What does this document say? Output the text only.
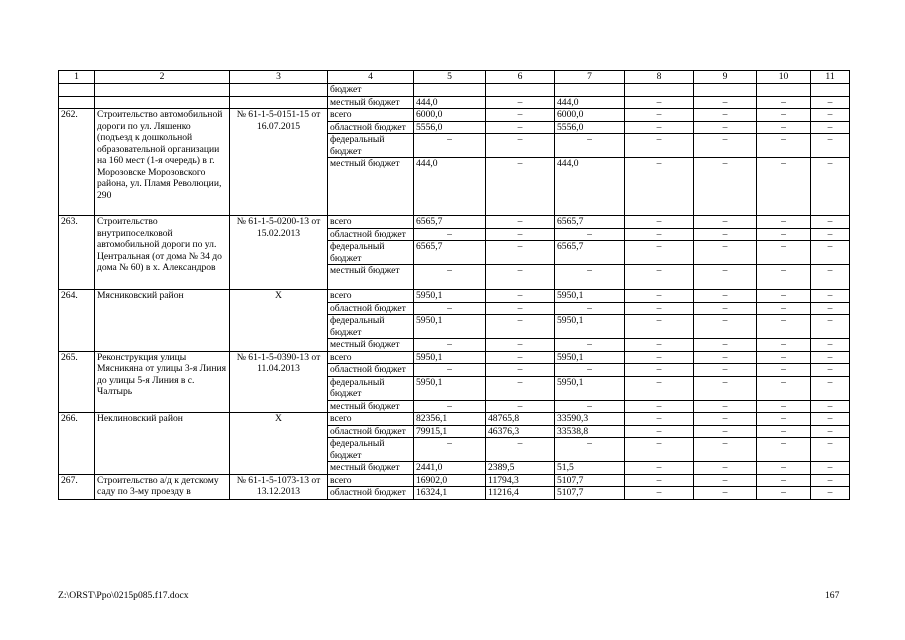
1	2	3	4	5	6	7	8	9	10	11
			бюджет							
			местный бюджет	444,0	–	444,0	–	–	–	–
262.	Строительство автомобильной дороги по ул. Ляшенко (подъезд к дошкольной образовательной организации на 160 мест (1-я очередь) в г. Морозовске Морозовского района, ул. Пламя Революции, 290	№ 61-1-5-0151-15 от 16.07.2015	всего	6000,0	–	6000,0	–	–	–	–
			областной бюджет	5556,0	–	5556,0	–	–	–	–
			федеральный бюджет	–	–	–	–	–	–	–
			местный бюджет	444,0	–	444,0	–	–	–	–
263.	Строительство внутрипоселковой автомобильной дороги по ул. Центральная (от дома № 34 до дома № 60) в х. Александров	№ 61-1-5-0200-13 от 15.02.2013	всего	6565,7	–	6565,7	–	–	–	–
			областной бюджет	–	–	–	–	–	–	–
			федеральный бюджет	6565,7	–	6565,7	–	–	–	–
			местный бюджет	–	–	–	–	–	–	–
264.	Мясниковский район	Х	всего	5950,1	–	5950,1	–	–	–	–
			областной бюджет	–	–	–	–	–	–	–
			федеральный бюджет	5950,1	–	5950,1	–	–	–	–
			местный бюджет	–	–	–	–	–	–	–
265.	Реконструкция улицы Мясникяна от улицы 3-я Линия до улицы 5-я Линия в с. Чалтырь	№ 61-1-5-0390-13 от 11.04.2013	всего	5950,1	–	5950,1	–	–	–	–
			областной бюджет	–	–	–	–	–	–	–
			федеральный бюджет	5950,1	–	5950,1	–	–	–	–
			местный бюджет	–	–	–	–	–	–	–
266.	Неклиновский район	Х	всего	82356,1	48765,8	33590,3	–	–	–	–
			областной бюджет	79915,1	46376,3	33538,8	–	–	–	–
			федеральный бюджет	–	–	–	–	–	–	–
			местный бюджет	2441,0	2389,5	51,5	–	–	–	–
267.	Строительство а/д к детскому саду по 3-му проезду в	№ 61-1-5-1073-13 от 13.12.2013	всего	16902,0	11794,3	5107,7	–	–	–	–
			областной бюджет	16324,1	11216,4	5107,7	–	–	–	–
Z:\ORST\Ppo\0215p085.f17.docx	167
